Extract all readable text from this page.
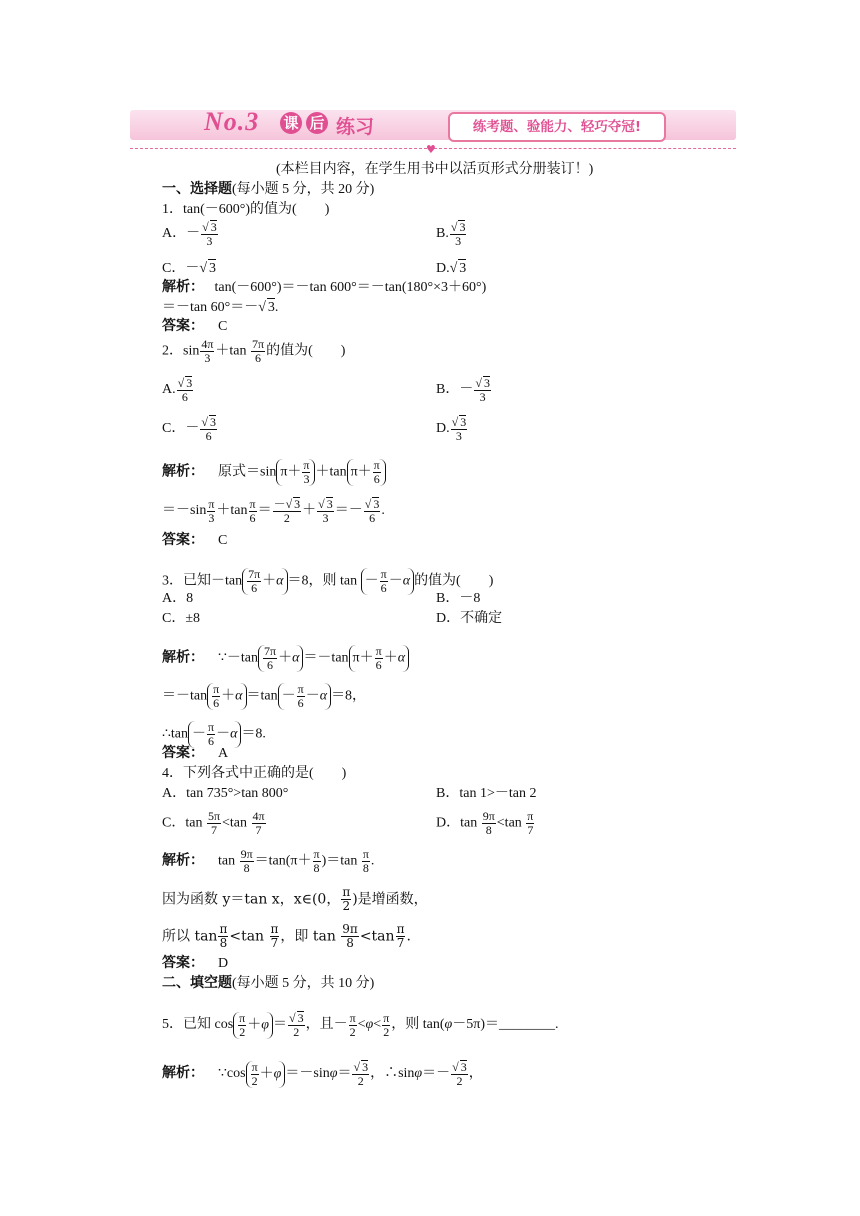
No.3 课 后 练习	练考题、验能力、轻巧夺冠!
♥
(本栏目内容，在学生用书中以活页形式分册装订！)
一、选择题(每小题 5 分，共 20 分)
1．tan(－600°)的值为(　　)
A．－ $\frac{√ 3}{3}$	B. $\frac{√ 3}{3}$
C．－√ 3	D.√ 3
解析： tan(－600°)＝－tan 600°＝－tan(180°×3＋60°)
＝－tan 60°＝－√ 3.
答案： C
2．$\sin \frac{4\pi}{3} +\tan \frac{7\pi}{6}$ 的值为(　　)
A. $\frac{√ 3}{6}$	B．－ $\frac{√ 3}{3}$
C．－ $\frac{√ 3}{6}$	D. $\frac{√ 3}{3}$
解析：    原式＝sin $\pi+ \frac{\pi}{3} +\tan$ $\pi+ \frac{\pi}{6}$
$=-\sin \frac{\pi}{3} +\tan \frac{\pi}{6} = \frac{-√ 3}{2} + \frac{√ 3}{3} =- \frac{√ 3}{6}$ .
答案： C
3．已知$-\tan \frac{7\pi}{6} +\alpha =8$，则 $\tan - \frac{\pi}{6} -\alpha$ 的值为(　　)
A．8	B．－8
C．±8	D．不确定
解析：    ∵－tan $\frac{7\pi}{6} +\alpha =-\tan$ $\pi+ \frac{\pi}{6} +\alpha$
$=-\tan \frac{\pi}{6} +\alpha =\tan - \frac{\pi}{6} -\alpha =8$，
∴tan － $\frac{\pi}{6} -\alpha =8$.
答案： A
4．下列各式中正确的是(　　)
A．tan 735°>tan 800°	B．tan 1>－tan 2
C．$\tan \frac{5\pi}{7} <\tan \frac{4\pi}{7}$	D．$\tan \frac{9\pi}{8} <\tan \frac{\pi}{7}$
解析：    $\tan \frac{9\pi}{8} =\tan(\pi+ \frac{\pi}{8} )=\tan \frac{\pi}{8}$ .
因为函数 y＝tan x，x∈(0， $\frac{\pi}{2}$ )是增函数，
所以 $\tan \frac{\pi}{8} <\tan \frac{\pi}{7}$ ，即 $\tan \frac{9\pi}{8} <\tan \frac{\pi}{7}$ .
答案： D
二、填空题(每小题 5 分，共 10 分)
5．已知 $\cos \frac{\pi}{2} +\varphi = \frac{√ 3}{2}$ ，且－ $\frac{\pi}{2} <\varphi< \frac{\pi}{2}$ ，则 tan(φ－5π)＝________.
解析：    ∵cos $\frac{\pi}{2} +\varphi =-\sin\varphi= \frac{√ 3}{2}$ ，∴sinφ＝－ $\frac{√ 3}{2}$ ，
